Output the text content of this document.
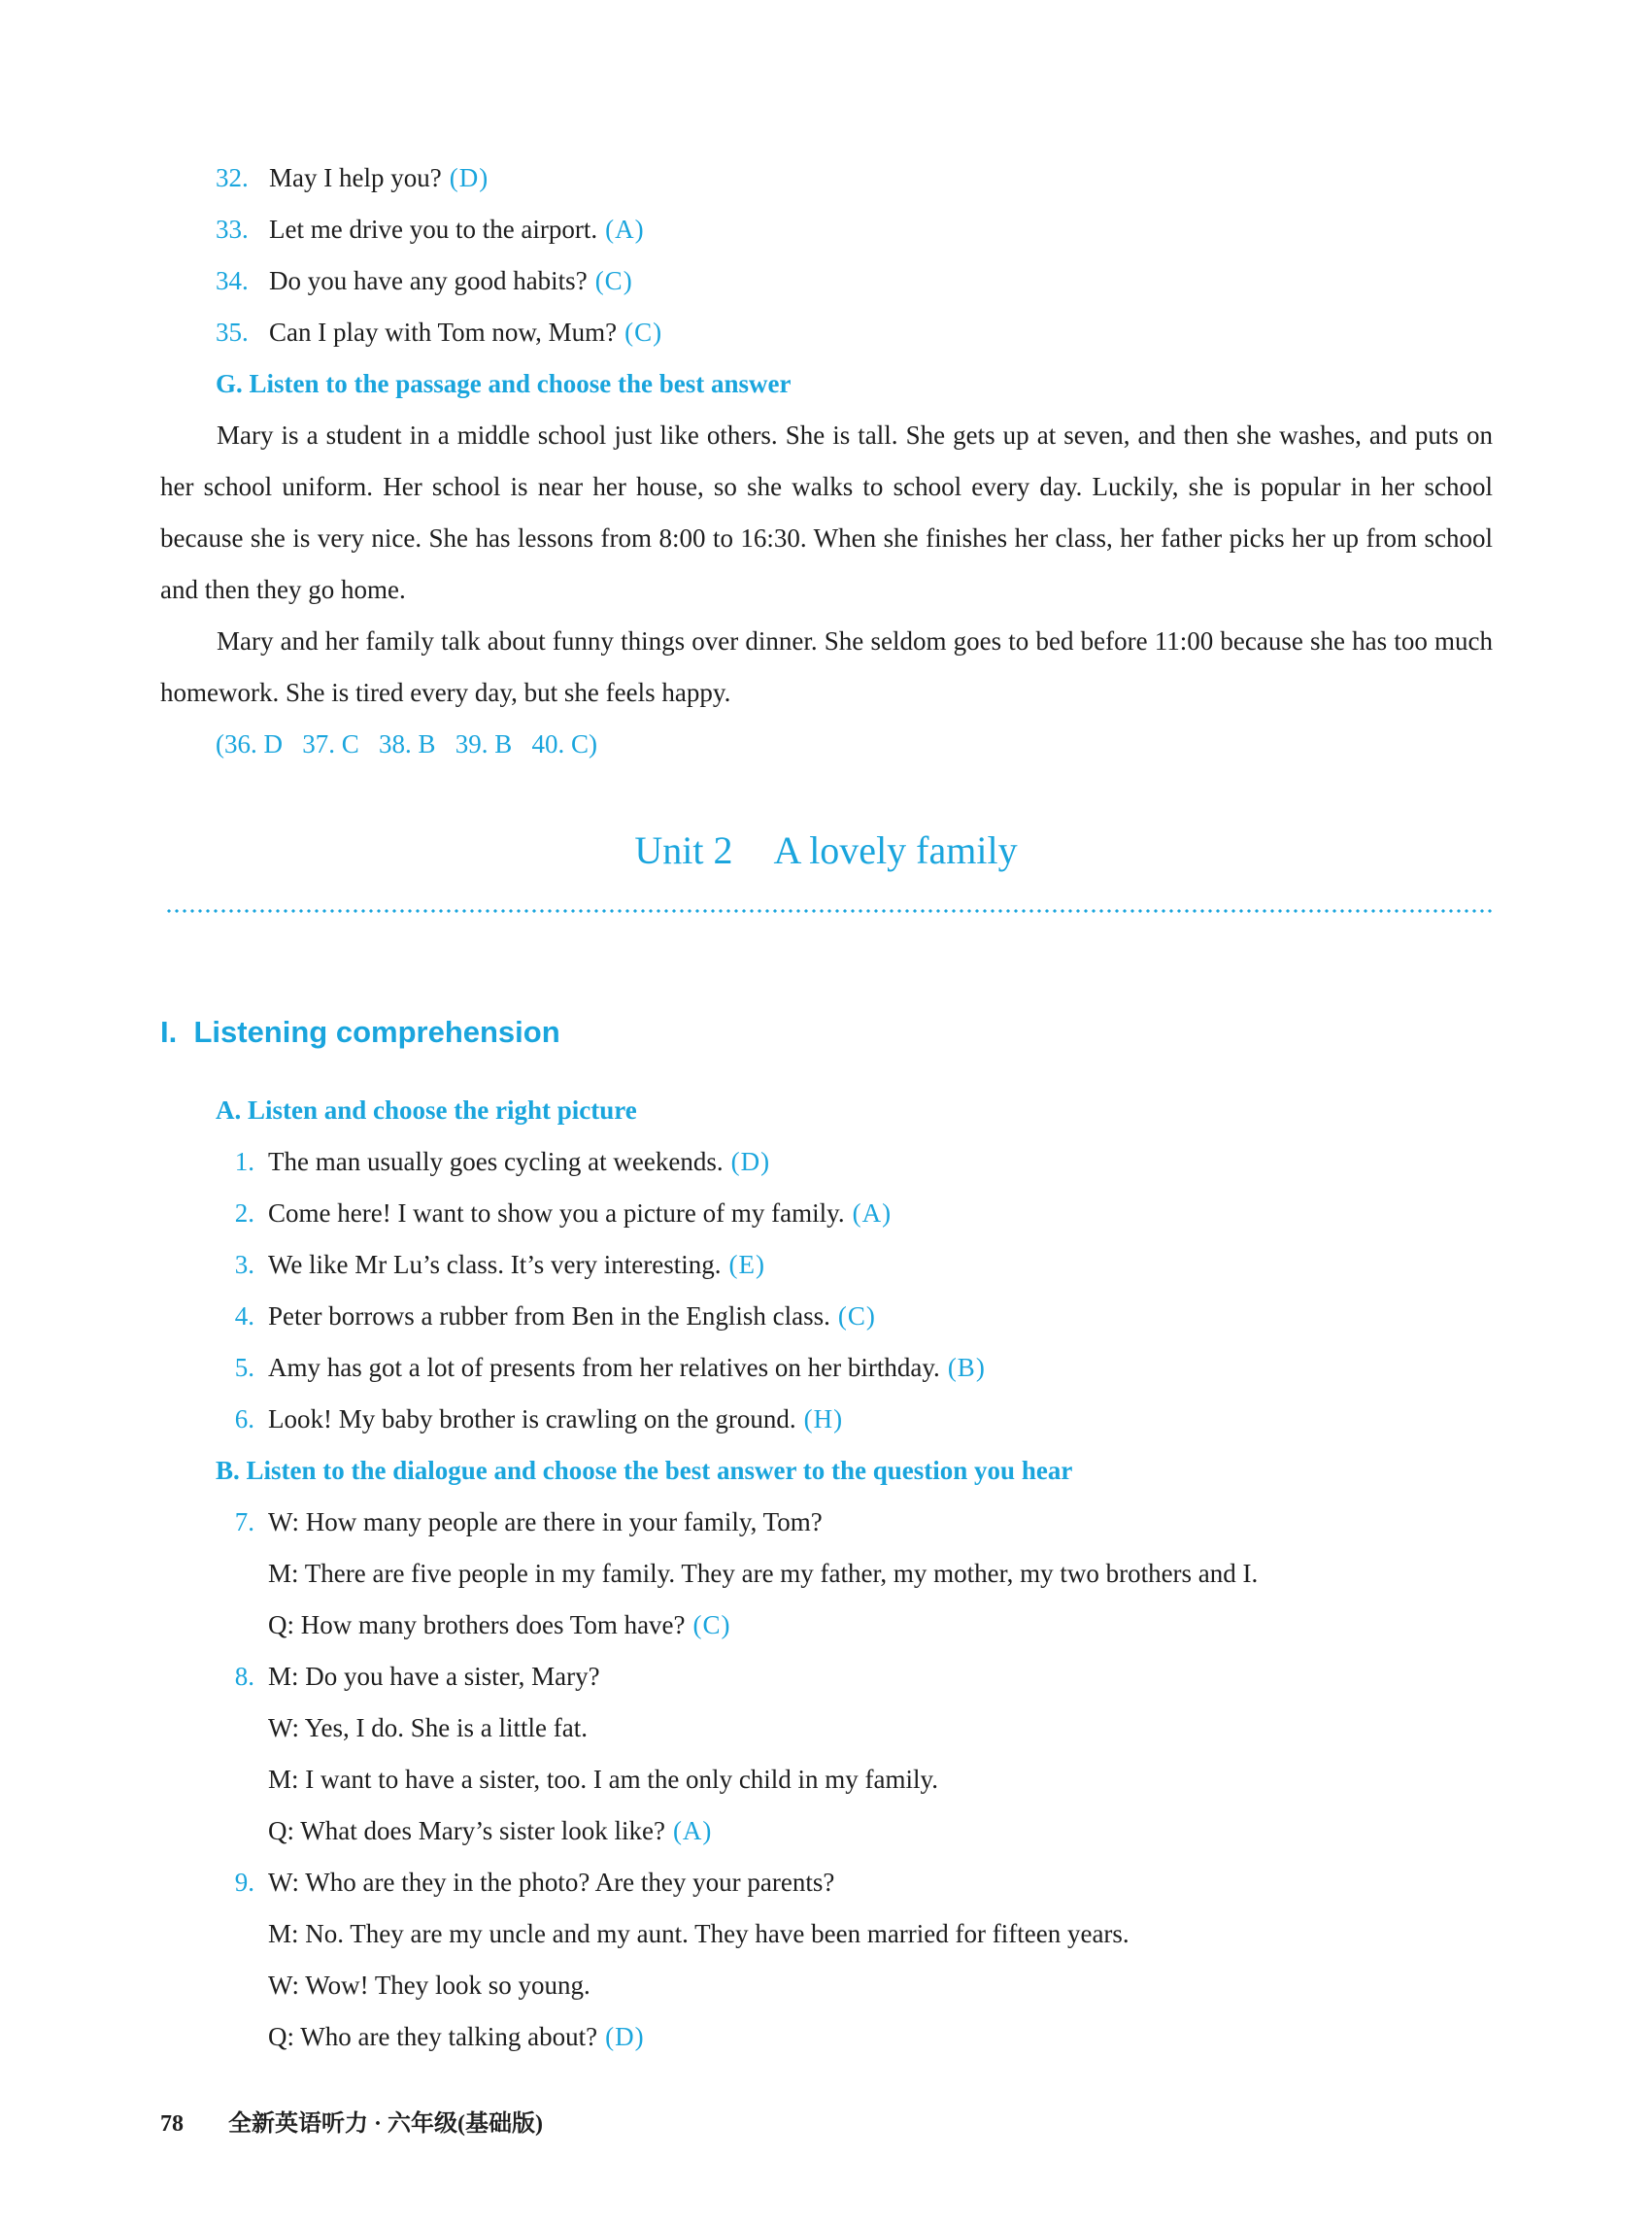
32. May I help you? (D)
33. Let me drive you to the airport. (A)
34. Do you have any good habits? (C)
35. Can I play with Tom now, Mum? (C)
G. Listen to the passage and choose the best answer
Mary is a student in a middle school just like others. She is tall. She gets up at seven, and then she washes, and puts on her school uniform. Her school is near her house, so she walks to school every day. Luckily, she is popular in her school because she is very nice. She has lessons from 8:00 to 16:30. When she finishes her class, her father picks her up from school and then they go home.
Mary and her family talk about funny things over dinner. She seldom goes to bed before 11:00 because she has too much homework. She is tired every day, but she feels happy.
(36. D   37. C   38. B   39. B   40. C)
Unit 2 A lovely family
I.  Listening comprehension
A. Listen and choose the right picture
1. The man usually goes cycling at weekends. (D)
2. Come here! I want to show you a picture of my family. (A)
3. We like Mr Lu’s class. It’s very interesting. (E)
4. Peter borrows a rubber from Ben in the English class. (C)
5. Amy has got a lot of presents from her relatives on her birthday. (B)
6. Look! My baby brother is crawling on the ground. (H)
B. Listen to the dialogue and choose the best answer to the question you hear
7. W: How many people are there in your family, Tom?
M: There are five people in my family. They are my father, my mother, my two brothers and I.
Q: How many brothers does Tom have? (C)
8. M: Do you have a sister, Mary?
W: Yes, I do. She is a little fat.
M: I want to have a sister, too. I am the only child in my family.
Q: What does Mary’s sister look like? (A)
9. W: Who are they in the photo? Are they your parents?
M: No. They are my uncle and my aunt. They have been married for fifteen years.
W: Wow! They look so young.
Q: Who are they talking about? (D)
78 全新英语听力 · 六年级(基础版)
